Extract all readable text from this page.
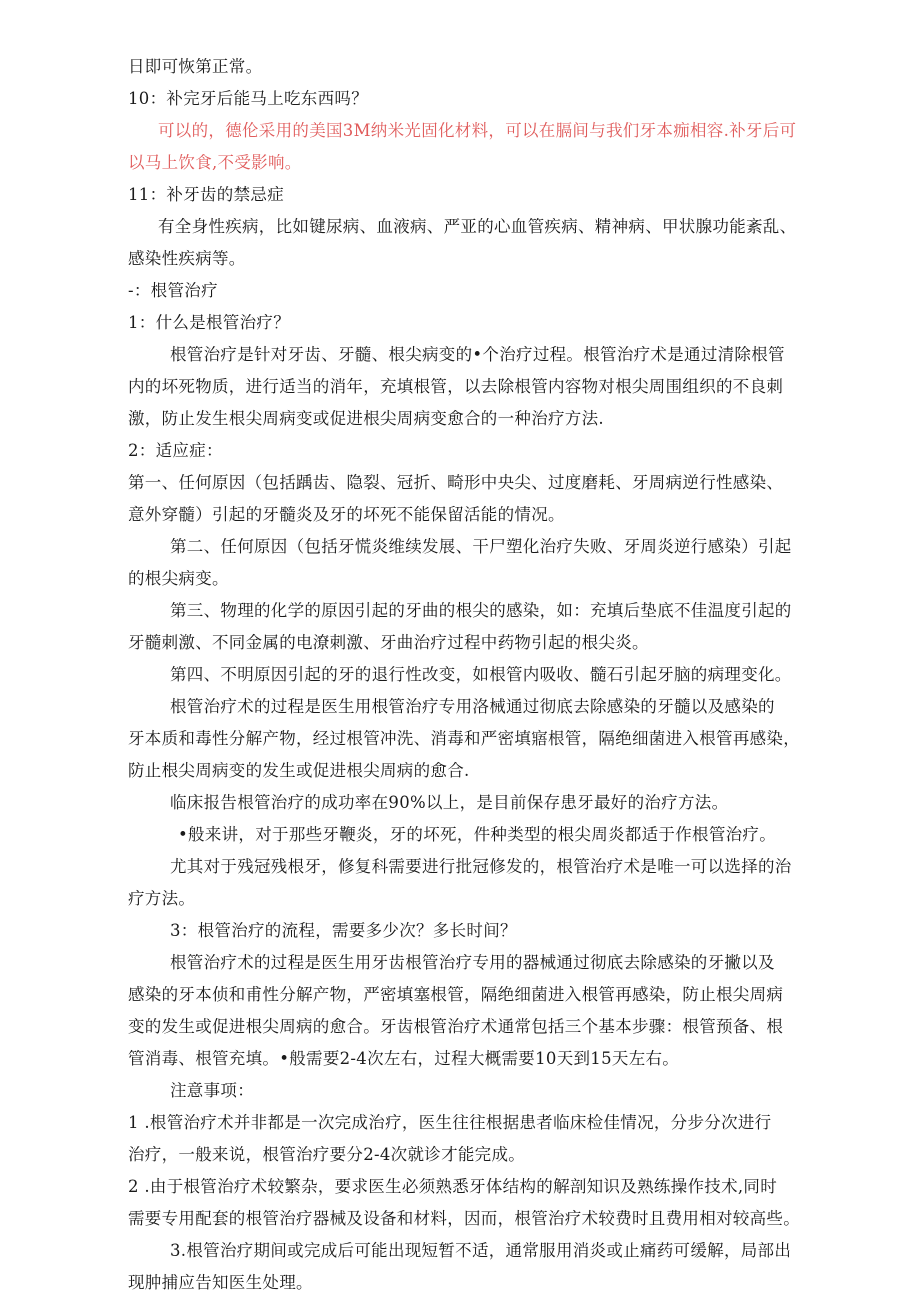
日即可恢第正常。
10：补完牙后能马上吃东西吗？
可以的，德伦采用的美国3M纳米光固化材料，可以在膈间与我们牙本痂相容.补牙后可
以马上饮食,不受影响。
11：补牙齿的禁忌症
有全身性疾病，比如键尿病、血液病、严亚的心血管疾病、精神病、甲状腺功能紊乱、
感染性疾病等。
-：根管治疗
1：什么是根管治疗？
根管治疗是针对牙齿、牙髓、根尖病变的•个治疗过程。根管治疗术是通过清除根管
内的坏死物质，进行适当的消年，充填根管，以去除根管内容物对根尖周围组织的不良刺
激，防止发生根尖周病变或促进根尖周病变愈合的一种治疗方法.
2：适应症：
第一、任何原因（包括踽齿、隐裂、冠折、畸形中央尖、过度磨耗、牙周病逆行性感染、
意外穿髓）引起的牙髓炎及牙的坏死不能保留活能的情况。
第二、任何原因（包括牙慌炎维续发展、干尸塑化治疗失败、牙周炎逆行感染）引起
的根尖病变。
第三、物理的化学的原因引起的牙曲的根尖的感染，如：充填后垫底不佳温度引起的
牙髓刺激、不同金属的电潦刺激、牙曲治疗过程中药物引起的根尖炎。
第四、不明原因引起的牙的退行性改变，如根管内吸收、髓石引起牙脑的病理变化。
根管治疗术的过程是医生用根管治疗专用洛械通过彻底去除感染的牙髓以及感染的
牙本质和毒性分解产物，经过根管冲洗、消毒和严密填寤根管，隔绝细菌进入根管再感染，
防止根尖周病变的发生或促进根尖周病的愈合.
临床报告根管治疗的成功率在90%以上，是目前保存患牙最好的治疗方法。
•般来讲，对于那些牙鞭炎，牙的坏死，件种类型的根尖周炎都适于作根管治疗。
尤其对于残冠残根牙，修复科需要进行批冠修发的，根管治疗术是唯一可以选择的治
疗方法。
3：根管治疗的流程，需要多少次？多长时间？
根管治疗术的过程是医生用牙齿根管治疗专用的器械通过彻底去除感染的牙撇以及
感染的牙本侦和甫性分解产物，严密填塞根管，隔绝细菌进入根管再感染，防止根尖周病
变的发生或促进根尖周病的愈合。牙齿根管治疗术通常包括三个基本步骤：根管预备、根
管消毒、根管充填。•般需要2-4次左右，过程大概需要10天到15天左右。
注意事项：
1 .根管治疗术并非都是一次完成治疗，医生往往根据患者临床检佳情况，分步分次进行
治疗，一般来说，根管治疗要分2-4次就诊才能完成。
2 .由于根管治疗术较繁杂，要求医生必须熟悉牙体结构的解剖知识及熟练操作技术,同时
需要专用配套的根管治疗器械及设备和材料，因而，根管治疗术较费时且费用相对较高些。
3.根管治疗期间或完成后可能出现短暂不适，通常服用消炎或止痛药可缓解，局部出
现肿捕应告知医生处理。
